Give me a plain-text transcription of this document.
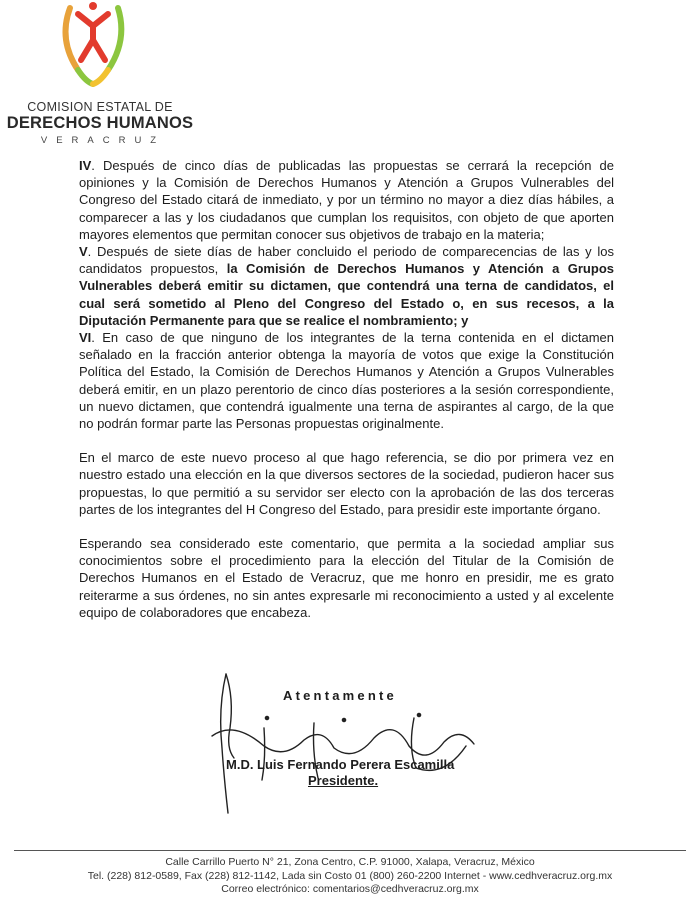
COMISION ESTATAL DE
DERECHOS HUMANOS
VERACRUZ

IV. Después de cinco días de publicadas las propuestas se cerrará la recepción de opiniones y la Comisión de Derechos Humanos y Atención a Grupos Vulnerables del Congreso del Estado citará de inmediato, y por un término no mayor a diez días hábiles, a comparecer a las y los ciudadanos que cumplan los requisitos, con objeto de que aporten mayores elementos que permitan conocer sus objetivos de trabajo en la materia;

V. Después de siete días de haber concluido el periodo de comparecencias de las y los candidatos propuestos, la Comisión de Derechos Humanos y Atención a Grupos Vulnerables deberá emitir su dictamen, que contendrá una terna de candidatos, el cual será sometido al Pleno del Congreso del Estado o, en sus recesos, a la Diputación Permanente para que se realice el nombramiento; y

VI. En caso de que ninguno de los integrantes de la terna contenida en el dictamen señalado en la fracción anterior obtenga la mayoría de votos que exige la Constitución Política del Estado, la Comisión de Derechos Humanos y Atención a Grupos Vulnerables deberá emitir, en un plazo perentorio de cinco días posteriores a la sesión correspondiente, un nuevo dictamen, que contendrá igualmente una terna de aspirantes al cargo, de la que no podrán formar parte las Personas propuestas originalmente.

En el marco de este nuevo proceso al que hago referencia, se dio por primera vez en nuestro estado una elección en la que diversos sectores de la sociedad, pudieron hacer sus propuestas, lo que permitió a su servidor ser electo con la aprobación de las dos terceras partes de los integrantes del H Congreso del Estado, para presidir este importante órgano.

Esperando sea considerado este comentario, que permita a la sociedad ampliar sus conocimientos sobre el procedimiento para la elección del Titular de la Comisión de Derechos Humanos en el Estado de Veracruz, que me honro en presidir, me es grato reiterarme a sus órdenes, no sin antes expresarle mi reconocimiento a usted y al excelente equipo de colaboradores que encabeza.

Atentamente
M.D. Luis Fernando Perera Escamilla
Presidente.
Calle Carrillo Puerto N° 21, Zona Centro, C.P. 91000, Xalapa, Veracruz, México
Tel. (228) 812-0589, Fax (228) 812-1142, Lada sin Costo 01 (800) 260-2200 Internet - www.cedhveracruz.org.mx
Correo electrónico: comentarios@cedhveracruz.org.mx
